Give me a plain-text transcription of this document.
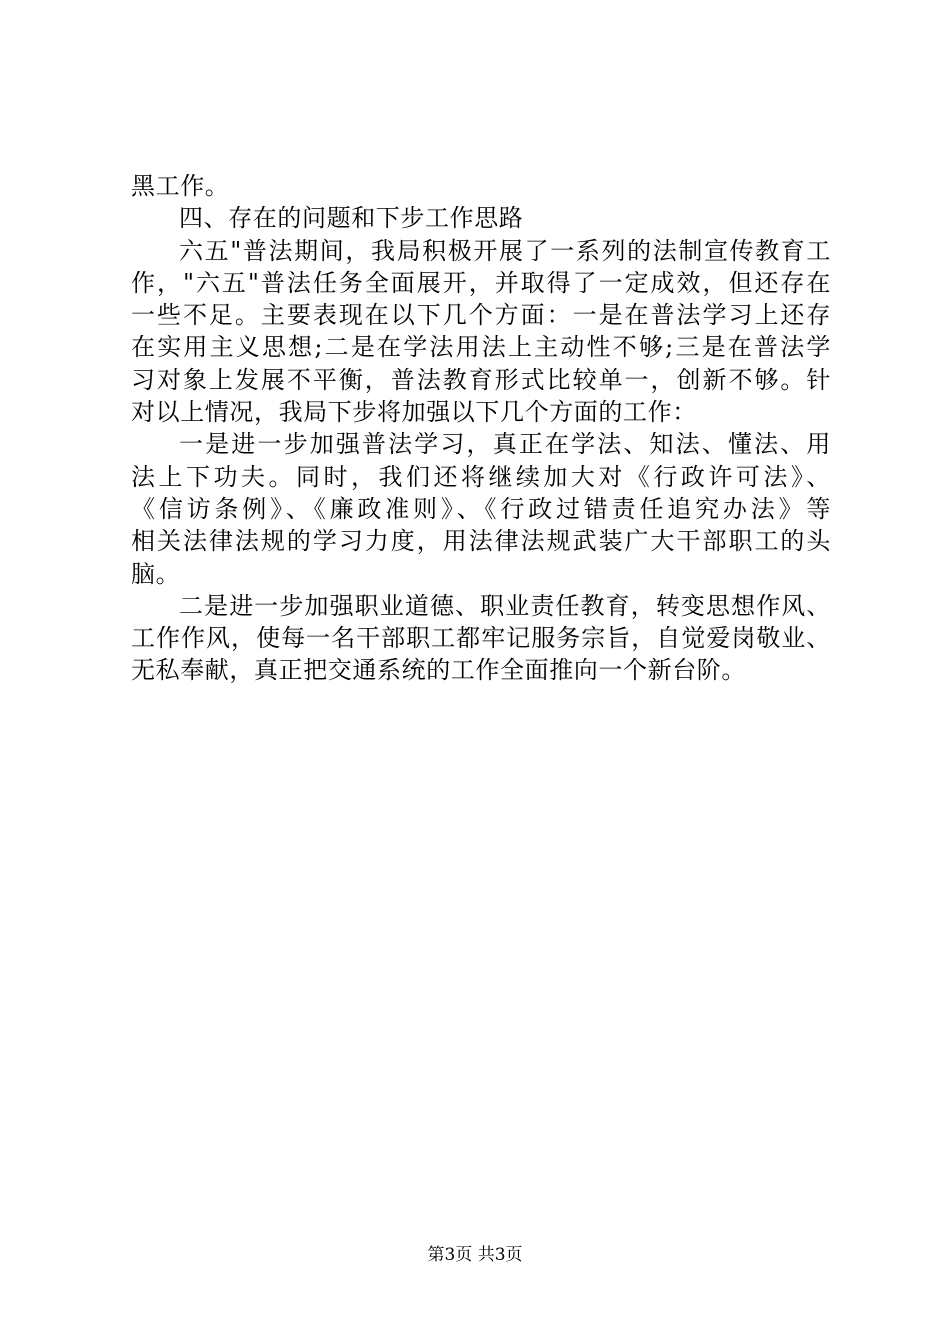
黑工作。
四、存在的问题和下步工作思路
六五"普法期间，我局积极开展了一系列的法制宣传教育工
作，"六五"普法任务全面展开，并取得了一定成效，但还存在
一些不足。主要表现在以下几个方面：一是在普法学习上还存
在实用主义思想;二是在学法用法上主动性不够;三是在普法学
习对象上发展不平衡，普法教育形式比较单一，创新不够。针
对以上情况，我局下步将加强以下几个方面的工作：
一是进一步加强普法学习，真正在学法、知法、懂法、用
法上下功夫。同时，我们还将继续加大对《行政许可法》、
《信访条例》、《廉政准则》、《行政过错责任追究办法》等
相关法律法规的学习力度，用法律法规武装广大干部职工的头
脑。
二是进一步加强职业道德、职业责任教育，转变思想作风、
工作作风，使每一名干部职工都牢记服务宗旨，自觉爱岗敬业、
无私奉献，真正把交通系统的工作全面推向一个新台阶。
第3页 共3页
